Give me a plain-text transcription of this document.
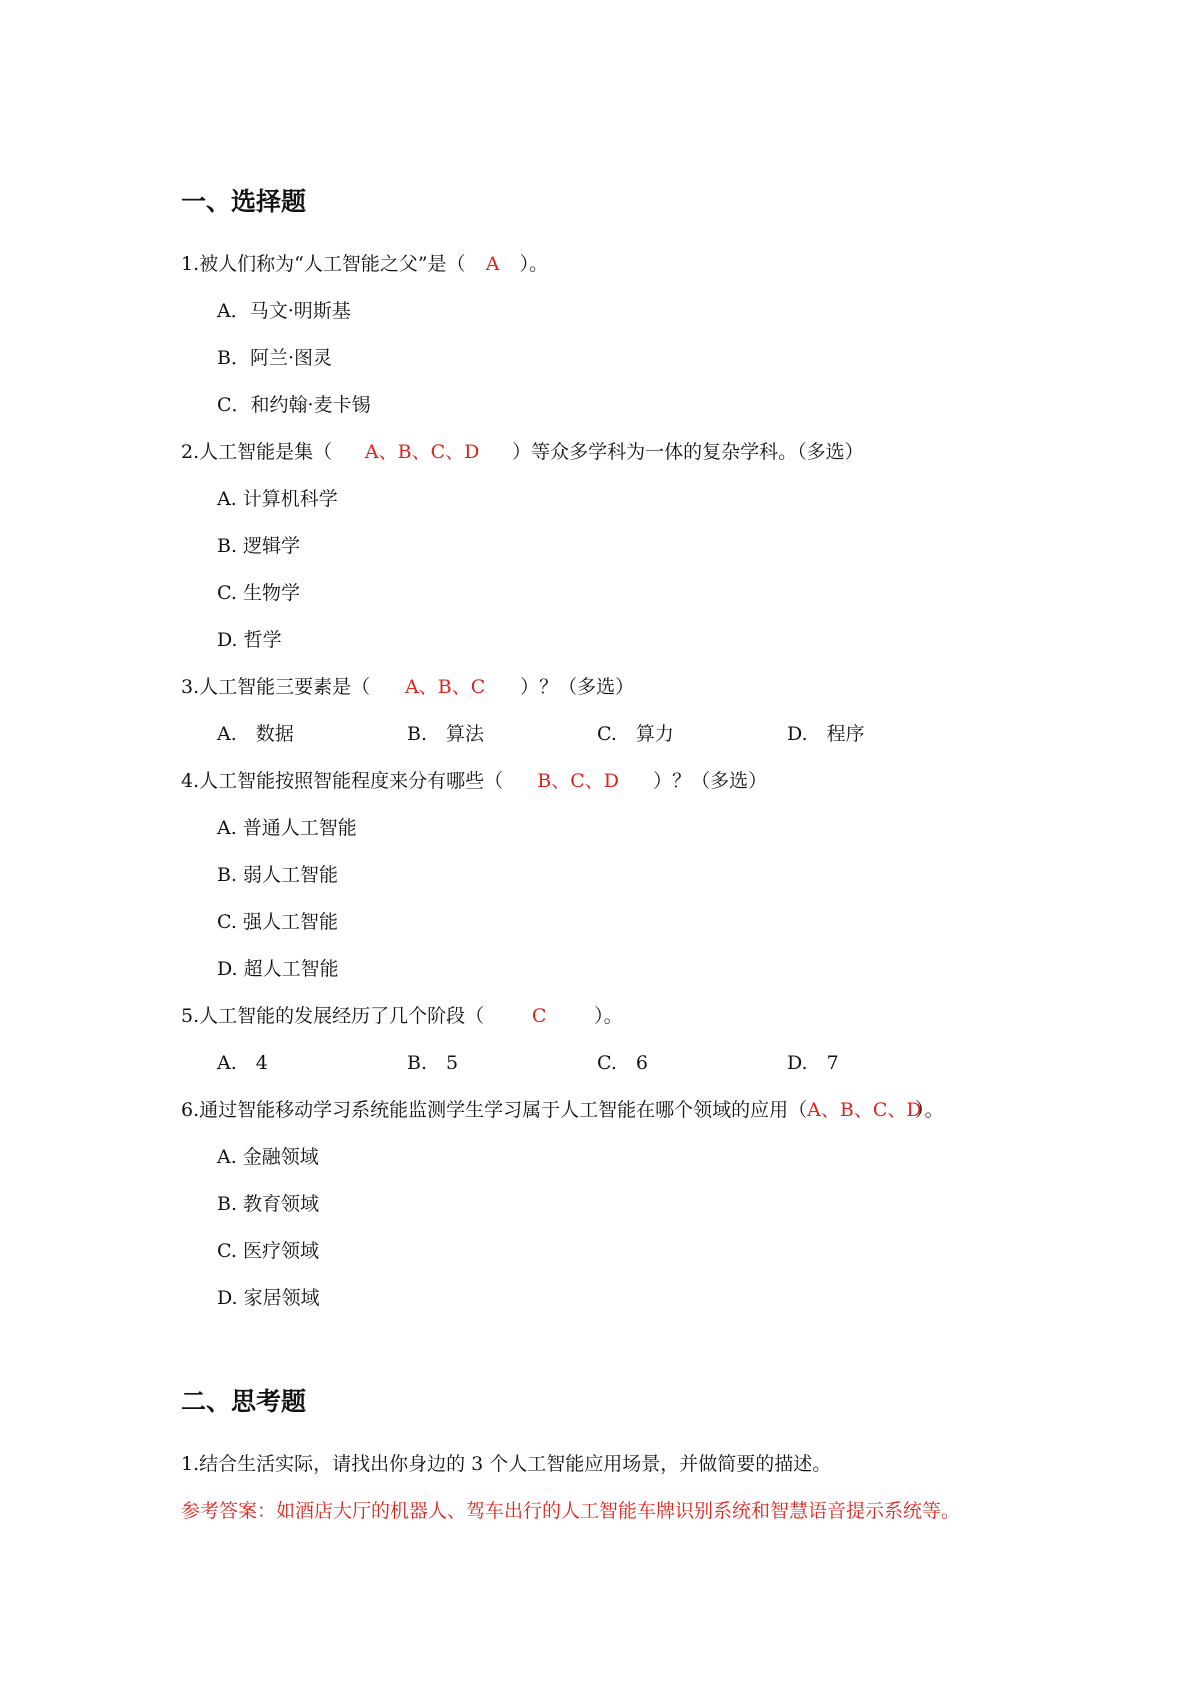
一、选择题
1.被人们称为“人工智能之父”是（ A ）。
A．马文·明斯基
B．阿兰·图灵
C．和约翰·麦卡锡
2.人工智能是集（ A、B、C、D ）等众多学科为一体的复杂学科。（多选）
A. 计算机科学
B. 逻辑学
C. 生物学
D. 哲学
3.人工智能三要素是（ A、B、C ）？（多选）
A.　数据	B.　算法	C.　算力	D.　程序
4.人工智能按照智能程度来分有哪些（ B、C、D ）？（多选）
A. 普通人工智能
B. 弱人工智能
C. 强人工智能
D. 超人工智能
5.人工智能的发展经历了几个阶段（	C	）。
A.　4	B.　5	C.　6	D.　7
6.通过智能移动学习系统能监测学生学习属于人工智能在哪个领域的应用（A、B、C、D）。
A. 金融领域
B. 教育领域
C. 医疗领域
D. 家居领域
二、思考题
1.结合生活实际，请找出你身边的 3 个人工智能应用场景，并做简要的描述。
参考答案：如酒店大厅的机器人、驾车出行的人工智能车牌识别系统和智慧语音提示系统等。
